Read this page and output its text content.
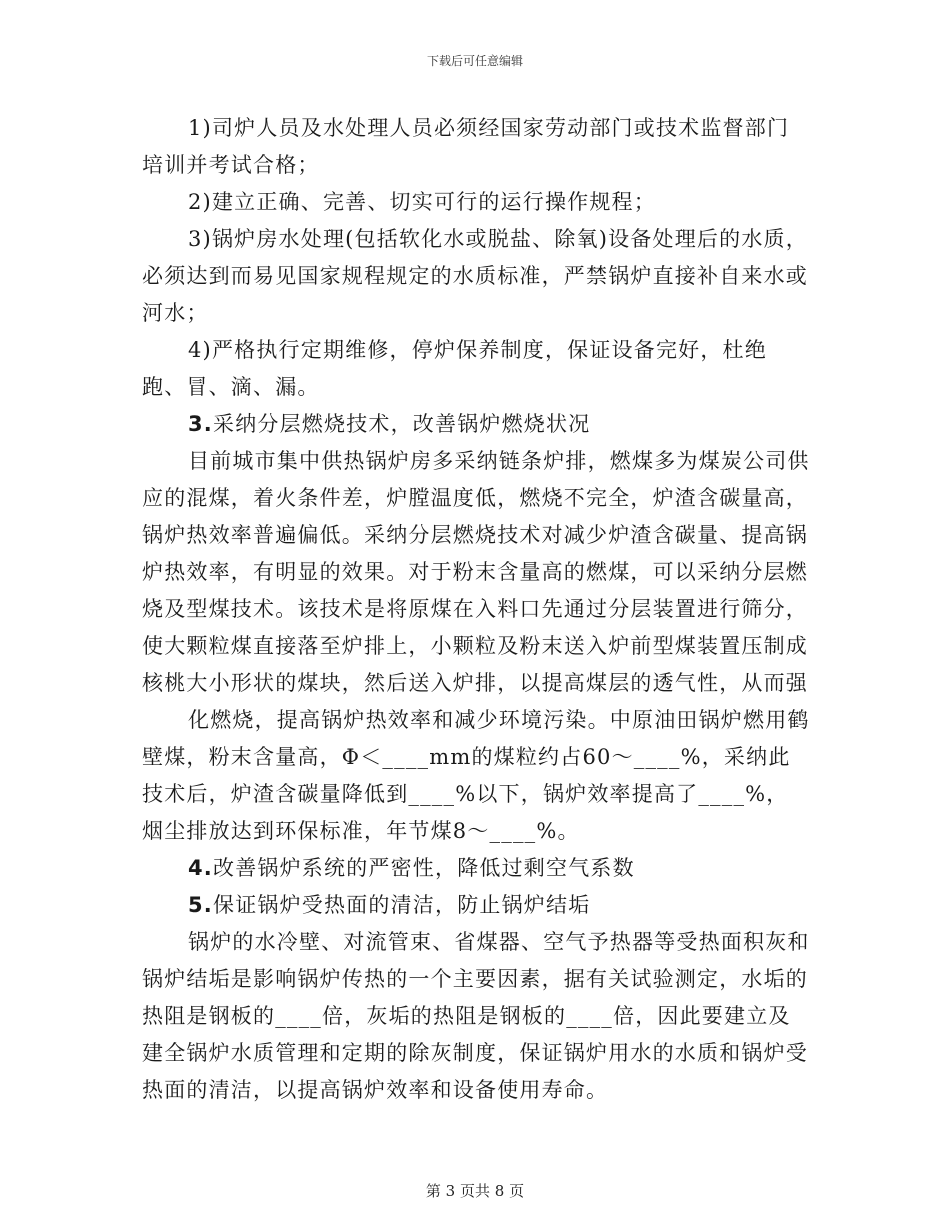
下载后可任意编辑

1)司炉人员及水处理人员必须经国家劳动部门或技术监督部门培训并考试合格；

2)建立正确、完善、切实可行的运行操作规程；

3)锅炉房水处理(包括软化水或脱盐、除氧)设备处理后的水质，必须达到而易见国家规程规定的水质标准，严禁锅炉直接补自来水或河水；

4)严格执行定期维修，停炉保养制度，保证设备完好，杜绝跑、冒、滴、漏。

3.采纳分层燃烧技术，改善锅炉燃烧状况

目前城市集中供热锅炉房多采纳链条炉排，燃煤多为煤炭公司供应的混煤，着火条件差，炉膛温度低，燃烧不完全，炉渣含碳量高，锅炉热效率普遍偏低。采纳分层燃烧技术对减少炉渣含碳量、提高锅炉热效率，有明显的效果。对于粉末含量高的燃煤，可以采纳分层燃烧及型煤技术。该技术是将原煤在入料口先通过分层装置进行筛分，使大颗粒煤直接落至炉排上，小颗粒及粉末送入炉前型煤装置压制成核桃大小形状的煤块，然后送入炉排，以提高煤层的透气性，从而强

化燃烧，提高锅炉热效率和减少环境污染。中原油田锅炉燃用鹤壁煤，粉末含量高，Φ＜____mm的煤粒约占60～____%，采纳此技术后，炉渣含碳量降低到____%以下，锅炉效率提高了____%，烟尘排放达到环保标准，年节煤8～____%。

4.改善锅炉系统的严密性，降低过剩空气系数

5.保证锅炉受热面的清洁，防止锅炉结垢

锅炉的水冷壁、对流管束、省煤器、空气予热器等受热面积灰和锅炉结垢是影响锅炉传热的一个主要因素，据有关试验测定，水垢的热阻是钢板的____倍，灰垢的热阻是钢板的____倍，因此要建立及建全锅炉水质管理和定期的除灰制度，保证锅炉用水的水质和锅炉受热面的清洁，以提高锅炉效率和设备使用寿命。

第 3 页共 8 页
